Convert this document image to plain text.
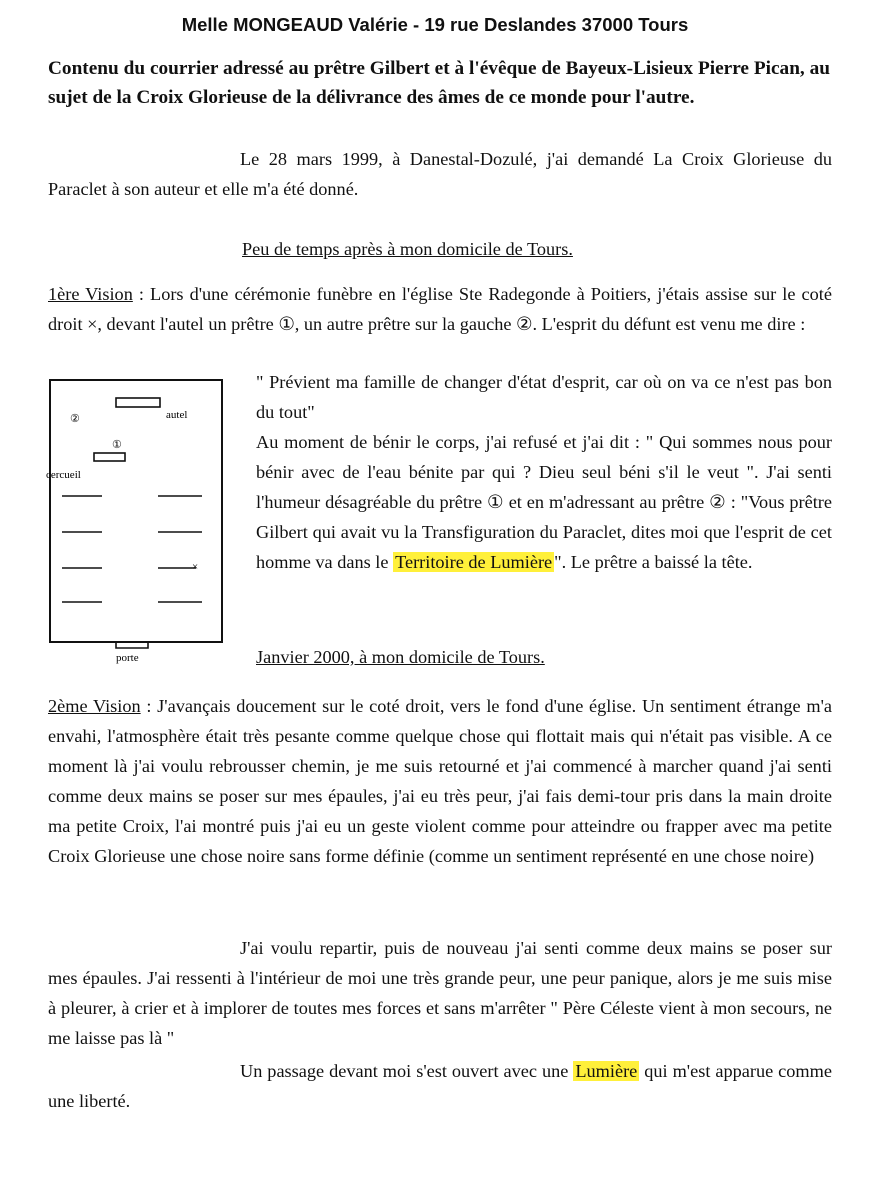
Melle MONGEAUD Valérie - 19 rue Deslandes 37000 Tours
Contenu du courrier adressé au prêtre Gilbert et à l'évêque de Bayeux-Lisieux Pierre Pican, au sujet de la Croix Glorieuse de la délivrance des âmes de ce monde pour l'autre.
Le 28 mars 1999, à Danestal-Dozulé, j'ai demandé La Croix Glorieuse du Paraclet à son auteur et elle m'a été donné.
Peu de temps après à mon domicile de Tours.
1ère Vision : Lors d'une cérémonie funèbre en l'église Ste Radegonde à Poitiers, j'étais assise sur le coté droit ×, devant l'autel un prêtre ①, un autre prêtre sur la gauche ②. L'esprit du défunt est venu me dire :
autel
②
①
cercueil
×
porte
" Prévient ma famille de changer d'état d'esprit, car où on va ce n'est pas bon du tout"
Au moment de bénir le corps, j'ai refusé et j'ai dit : " Qui sommes nous pour bénir avec de l'eau bénite par qui ? Dieu seul béni s'il le veut ". J'ai senti l'humeur désagréable du prêtre ① et en m'adressant au prêtre ② : "Vous prêtre Gilbert qui avait vu la Transfiguration du Paraclet, dites moi que l'esprit de cet homme va dans le Territoire de Lumière ". Le prêtre a baissé la tête.
Janvier 2000, à mon domicile de Tours.
2ème Vision : J'avançais doucement sur le coté droit, vers le fond d'une église. Un sentiment étrange m'a envahi, l'atmosphère était très pesante comme quelque chose qui flottait mais qui n'était pas visible. A ce moment là j'ai voulu rebrousser chemin, je me suis retourné et j'ai commencé à marcher quand j'ai senti comme deux mains se poser sur mes épaules, j'ai eu très peur, j'ai fais demi-tour pris dans la main droite ma petite Croix, l'ai montré puis j'ai eu un geste violent comme pour atteindre ou frapper avec ma petite Croix Glorieuse une chose noire sans forme définie (comme un sentiment représenté en une chose noire)
J'ai voulu repartir, puis de nouveau j'ai senti comme deux mains se poser sur mes épaules. J'ai ressenti à l'intérieur de moi une très grande peur, une peur panique, alors je me suis mise à pleurer, à crier et à implorer de toutes mes forces et sans m'arrêter " Père Céleste vient à mon secours, ne me laisse pas là "
Un passage devant moi s'est ouvert avec une Lumière qui m'est apparue comme une liberté.
